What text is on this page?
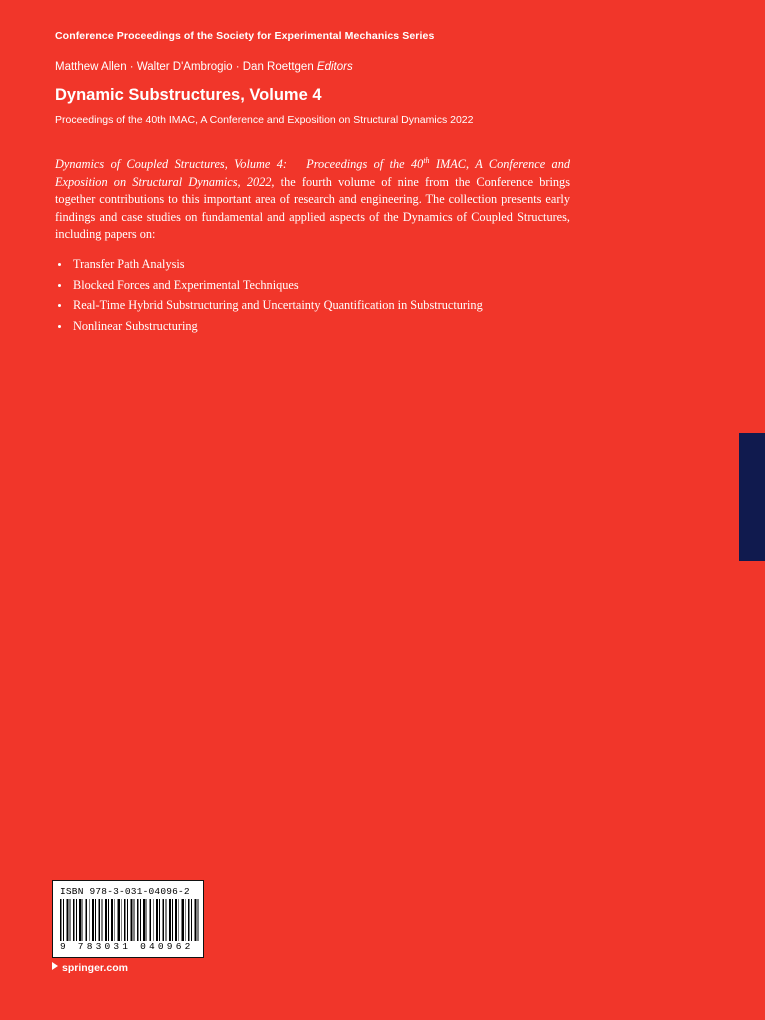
Conference Proceedings of the Society for Experimental Mechanics Series

Matthew Allen · Walter D'Ambrogio · Dan Roettgen Editors

Dynamic Substructures, Volume 4

Proceedings of the 40th IMAC, A Conference and Exposition on Structural Dynamics 2022

Dynamics of Coupled Structures, Volume 4: Proceedings of the 40th IMAC, A Conference and Exposition on Structural Dynamics, 2022, the fourth volume of nine from the Conference brings together contributions to this important area of research and engineering. The collection presents early findings and case studies on fundamental and applied aspects of the Dynamics of Coupled Structures, including papers on:

Transfer Path Analysis
Blocked Forces and Experimental Techniques
Real-Time Hybrid Substructuring and Uncertainty Quantification in Substructuring
Nonlinear Substructuring
ISBN 978-3-031-04096-2
9 783031 040962
springer.com
